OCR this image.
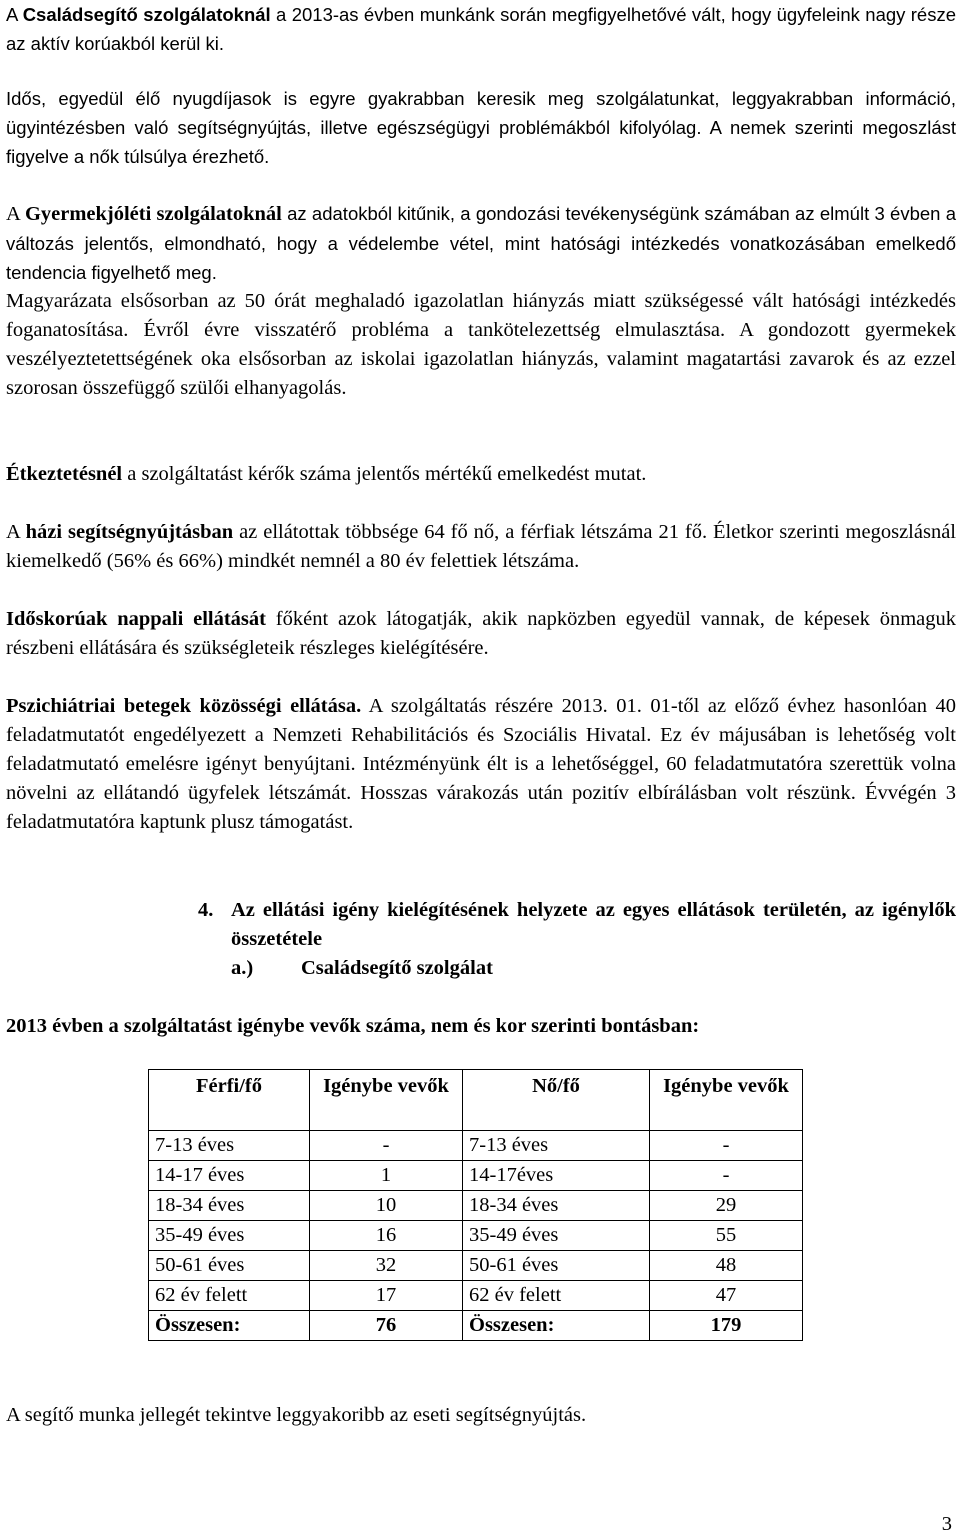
A Családsegítő szolgálatoknál a 2013-as évben munkánk során megfigyelhetővé vált, hogy ügyfeleink nagy része az aktív korúakból kerül ki.

Idős, egyedül élő nyugdíjasok is egyre gyakrabban keresik meg szolgálatunkat, leggyakrabban információ, ügyintézésben való segítségnyújtás, illetve egészségügyi problémákból kifolyólag. A nemek szerinti megoszlást figyelve a nők túlsúlya érezhető.

A Gyermekjóléti szolgálatoknál az adatokból kitűnik, a gondozási tevékenységünk számában az elmúlt 3 évben a változás jelentős, elmondható, hogy a védelembe vétel, mint hatósági intézkedés vonatkozásában emelkedő tendencia figyelhető meg.
Magyarázata elsősorban az 50 órát meghaladó igazolatlan hiányzás miatt szükségessé vált hatósági intézkedés foganatosítása. Évről évre visszatérő probléma a tankötelezettség elmulasztása. A gondozott gyermekek veszélyeztetettségének oka elsősorban az iskolai igazolatlan hiányzás, valamint magatartási zavarok és az ezzel szorosan összefüggő szülői elhanyagolás.

Étkeztetésnél a szolgáltatást kérők száma jelentős mértékű emelkedést mutat.

A házi segítségnyújtásban az ellátottak többsége 64 fő nő, a férfiak létszáma 21 fő. Életkor szerinti megoszlásnál kiemelkedő (56% és 66%) mindkét nemnél a 80 év felettiek létszáma.

Időskorúak nappali ellátását főként azok látogatják, akik napközben egyedül vannak, de képesek önmaguk részbeni ellátására és szükségleteik részleges kielégítésére.

Pszichiátriai betegek közösségi ellátása. A szolgáltatás részére 2013. 01. 01-től az előző évhez hasonlóan 40 feladatmutatót engedélyezett a Nemzeti Rehabilitációs és Szociális Hivatal. Ez év májusában is lehetőség volt feladatmutató emelésre igényt benyújtani. Intézményünk élt is a lehetőséggel, 60 feladatmutatóra szerettük volna növelni az ellátandó ügyfelek létszámát. Hosszas várakozás után pozitív elbírálásban volt részünk. Évvégén 3 feladatmutatóra kaptunk plusz támogatást.

4. Az ellátási igény kielégítésének helyzete az egyes ellátások területén, az igénylők összetétele
a.) Családsegítő szolgálat
2013 évben a szolgáltatást igénybe vevők száma, nem és kor szerinti bontásban:
Férfi/fő	Igénybe vevők	Nő/fő	Igénybe vevők
7-13 éves	-	7-13 éves	-
14-17 éves	1	14-17éves	-
18-34 éves	10	18-34 éves	29
35-49 éves	16	35-49 éves	55
50-61 éves	32	50-61 éves	48
62 év felett	17	62 év felett	47
Összesen:	76	Összesen:	179

A segítő munka jellegét tekintve leggyakoribb az eseti segítségnyújtás.

3
